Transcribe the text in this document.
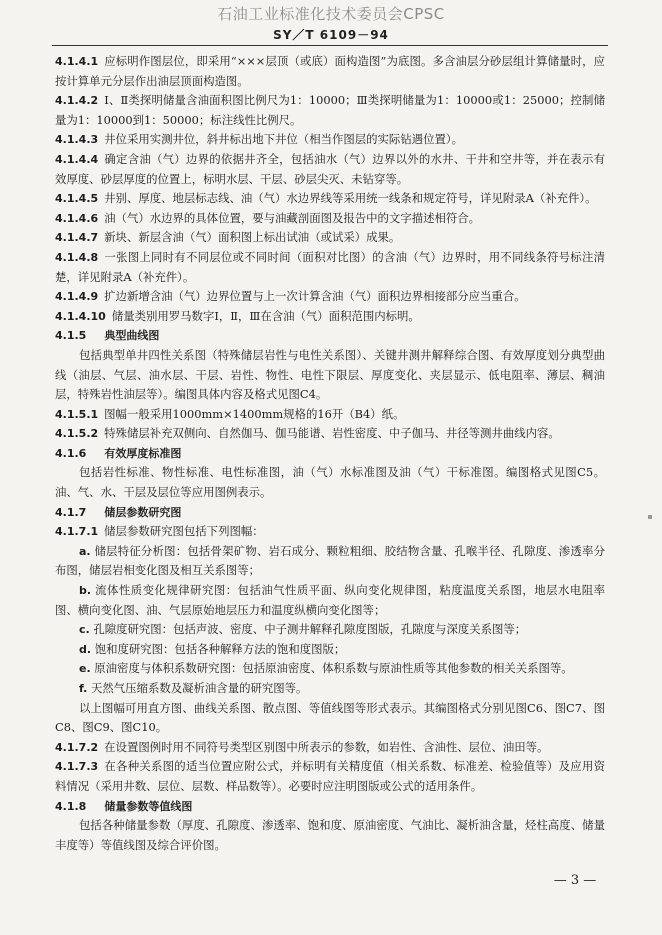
石油工业标准化技术委员会CPSC
SY／T 6109－94

4.1.4.1 应标明作图层位，即采用“×××层顶（或底）面构造图”为底图。多含油层分砂层组计算储量时，应按计算单元分层作出油层顶面构造图。

4.1.4.2 Ⅰ、Ⅱ类探明储量含油面积图比例尺为1：10000；Ⅲ类探明储量为1：10000或1：25000；控制储量为1：10000到1：50000；标注线性比例尺。

4.1.4.3 井位采用实测井位，斜井标出地下井位（相当作图层的实际钻遇位置）。

4.1.4.4 确定含油（气）边界的依据井齐全，包括油水（气）边界以外的水井、干井和空井等，并在表示有效厚度、砂层厚度的位置上，标明水层、干层、砂层尖灭、未钻穿等。

4.1.4.5 井别、厚度、地层标志线、油（气）水边界线等采用统一线条和规定符号，详见附录A（补充件）。

4.1.4.6 油（气）水边界的具体位置，要与油藏剖面图及报告中的文字描述相符合。

4.1.4.7 新块、新层含油（气）面积图上标出试油（或试采）成果。

4.1.4.8 一张图上同时有不同层位或不同时间（面积对比图）的含油（气）边界时，用不同线条符号标注清楚，详见附录A（补充件）。

4.1.4.9 扩边新增含油（气）边界位置与上一次计算含油（气）面积边界相接部分应当重合。

4.1.4.10 储量类别用罗马数字Ⅰ，Ⅱ，Ⅲ在含油（气）面积范围内标明。

4.1.5 典型曲线图

包括典型单井四性关系图（特殊储层岩性与电性关系图）、关键井测井解释综合图、有效厚度划分典型曲线（油层、气层、油水层、干层、岩性、物性、电性下限层、厚度变化、夹层显示、低电阻率、薄层、稠油层，特殊岩性油层等）。编图具体内容及格式见图C4。

4.1.5.1 图幅一般采用1000mm×1400mm规格的16开（B4）纸。

4.1.5.2 特殊储层补充双侧向、自然伽马、伽马能谱、岩性密度、中子伽马、井径等测井曲线内容。

4.1.6 有效厚度标准图

包括岩性标准、物性标准、电性标准图，油（气）水标准图及油（气）干标准图。编图格式见图C5。油、气、水、干层及层位等应用图例表示。

4.1.7 储层参数研究图

4.1.7.1 储层参数研究图包括下列图幅：

a. 储层特征分析图：包括骨架矿物、岩石成分、颗粒粗细、胶结物含量、孔喉半径、孔隙度、渗透率分布图，储层岩相变化图及相互关系图等；

b. 流体性质变化规律研究图：包括油气性质平面、纵向变化规律图，粘度温度关系图，地层水电阻率图、横向变化图、油、气层原始地层压力和温度纵横向变化图等；

c. 孔隙度研究图：包括声波、密度、中子测井解释孔隙度图版，孔隙度与深度关系图等；

d. 饱和度研究图：包括各种解释方法的饱和度图版；

e. 原油密度与体积系数研究图：包括原油密度、体积系数与原油性质等其他参数的相关关系图等。

f. 天然气压缩系数及凝析油含量的研究图等。

以上图幅可用直方图、曲线关系图、散点图、等值线图等形式表示。其编图格式分别见图C6、图C7、图C8、图C9、图C10。

4.1.7.2 在设置图例时用不同符号类型区别图中所表示的参数，如岩性、含油性、层位、油田等。

4.1.7.3 在各种关系图的适当位置应附公式，并标明有关精度值（相关系数、标准差、检验值等）及应用资料情况（采用井数、层位、层数、样品数等）。必要时应注明图版或公式的适用条件。

4.1.8 储量参数等值线图

包括各种储量参数（厚度、孔隙度、渗透率、饱和度、原油密度、气油比、凝析油含量，烃柱高度、储量丰度等）等值线图及综合评价图。

— 3 —
